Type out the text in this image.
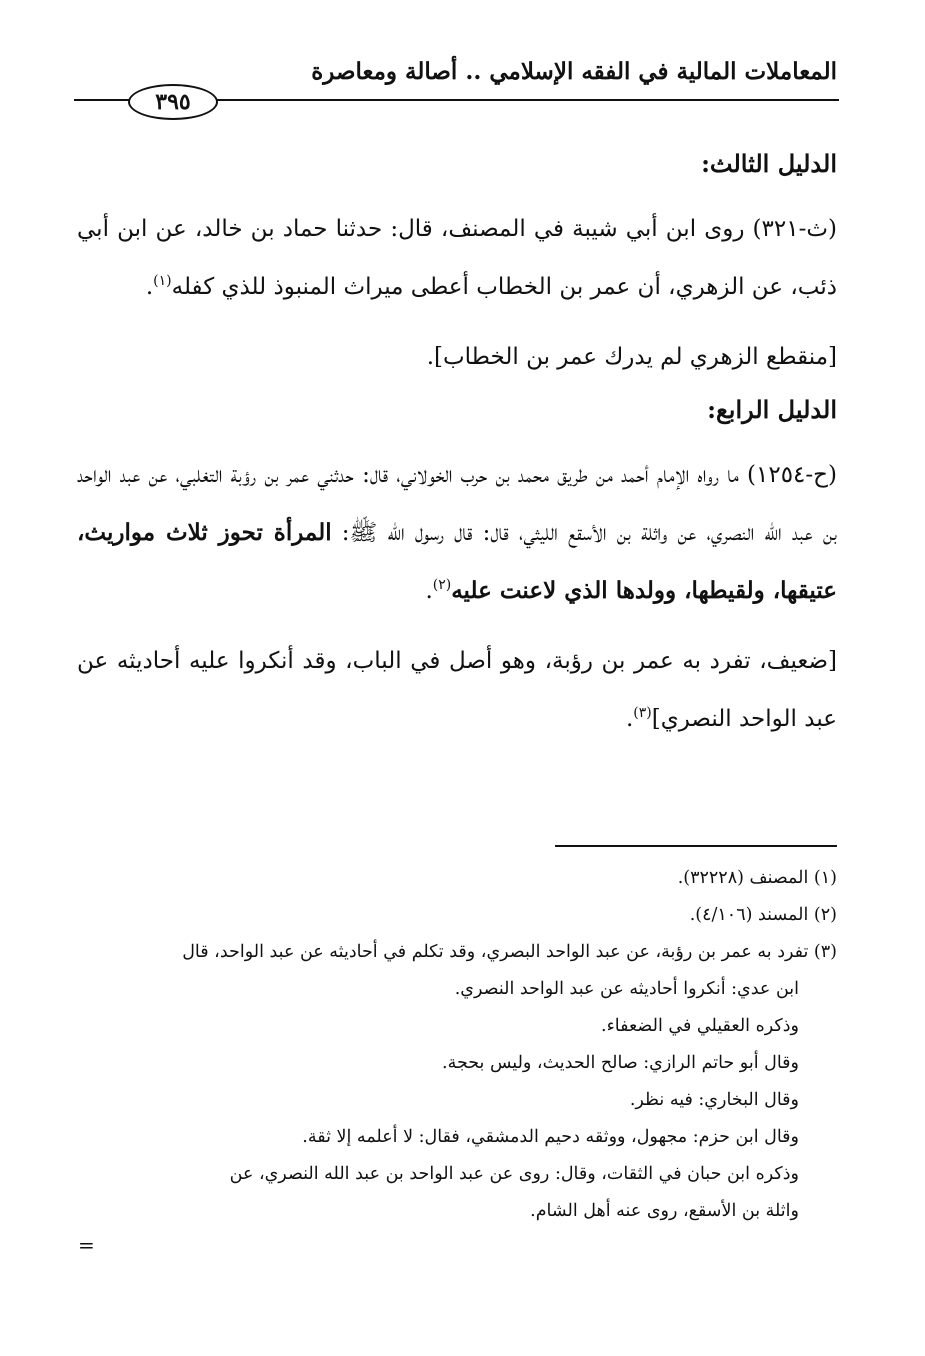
المعاملات المالية في الفقه الإسلامي .. أصالة ومعاصرة
٣٩٥

الدليل الثالث:

(ث-٣٢١) روى ابن أبي شيبة في المصنف، قال: حدثنا حماد بن خالد، عن ابن أبي ذئب، عن الزهري، أن عمر بن الخطاب أعطى ميراث المنبوذ للذي كفله$^{(١)}$.

[منقطع الزهري لم يدرك عمر بن الخطاب].

الدليل الرابع:

(ح-١٢٥٤) ما رواه الإمام أحمد من طريق محمد بن حرب الخولاني، قال: حدثني عمر بن رؤبة التغلبي، عن عبد الواحد بن عبد الله النصري، عن واثلة بن الأسقع الليثي، قال: قال رسول الله ﷺ: المرأة تحوز ثلاث مواريث، عتيقها، ولقيطها، وولدها الذي لاعنت عليه$^{(٢)}$.

[ضعيف، تفرد به عمر بن رؤبة، وهو أصل في الباب، وقد أنكروا عليه أحاديثه عن عبد الواحد النصري]$^{(٣)}$.

(١) المصنف (٣٢٢٢٨).

(٢) المسند (٤/١٠٦).

(٣) تفرد به عمر بن رؤبة، عن عبد الواحد البصري، وقد تكلم في أحاديثه عن عبد الواحد، قال

ابن عدي: أنكروا أحاديثه عن عبد الواحد النصري.

وذكره العقيلي في الضعفاء.

وقال أبو حاتم الرازي: صالح الحديث، وليس بحجة.

وقال البخاري: فيه نظر.

وقال ابن حزم: مجهول، ووثقه دحيم الدمشقي، فقال: لا أعلمه إلا ثقة.

وذكره ابن حبان في الثقات، وقال: روى عن عبد الواحد بن عبد الله النصري، عن

واثلة بن الأسقع، روى عنه أهل الشام.

=
